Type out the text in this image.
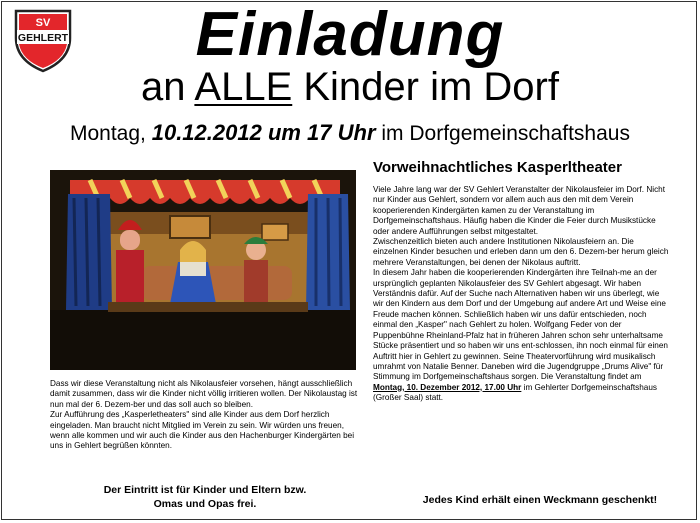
SV
GEHLERT	Einladung
an ALLE Kinder im Dorf
Montag, 10.12.2012 um 17 Uhr im Dorfgemeinschaftshaus

Dass wir diese Veranstaltung nicht als Nikolausfeier vorsehen, hängt ausschließlich damit zusammen, dass wir die Kinder nicht völlig irritieren wollen. Der Nikolaustag ist nun mal der 6. Dezem-ber und das soll auch so bleiben.

Zur Aufführung des „Kasperletheaters" sind alle Kinder aus dem Dorf herzlich eingeladen. Man braucht nicht Mitglied im Verein zu sein. Wir würden uns freuen, wenn alle kommen und wir auch die Kinder aus den Hachenburger Kindergärten bei uns in Gehlert begrüßen könnten.

Der Eintritt ist für Kinder und Eltern bzw.
Omas und Opas frei.
Vorweihnachtliches Kasperltheater

Viele Jahre lang war der SV Gehlert Veranstalter der Nikolausfeier im Dorf. Nicht nur Kinder aus Gehlert, sondern vor allem auch aus den mit dem Verein kooperierenden Kindergärten kamen zu der Veranstaltung im Dorfgemeinschaftshaus. Häufig haben die Kinder die Feier durch Musikstücke oder andere Aufführungen selbst mitgestaltet.

Zwischenzeitlich bieten auch andere Institutionen Nikolausfeiern an. Die einzelnen Kinder besuchen und erleben dann um den 6. Dezem-ber herum gleich mehrere Veranstaltungen, bei denen der Nikolaus auftritt.

In diesem Jahr haben die kooperierenden Kindergärten ihre Teilnah-me an der ursprünglich geplanten Nikolausfeier des SV Gehlert abgesagt. Wir haben Verständnis dafür. Auf der Suche nach Alternativen haben wir uns überlegt, wie wir den Kindern aus dem Dorf und der Umgebung auf andere Art und Weise eine Freude machen können. Schließlich haben wir uns dafür entschieden, noch einmal den „Kasper" nach Gehlert zu holen. Wolfgang Feder von der Puppenbühne Rheinland-Pfalz hat in früheren Jahren schon sehr unterhaltsame Stücke präsentiert und so haben wir uns ent-schlossen, ihn noch einmal für einen Auftritt hier in Gehlert zu gewinnen. Seine Theatervorführung wird musikalisch umrahmt von Natalie Benner. Daneben wird die Jugendgruppe „Drums Alive" für Stimmung im Dorfgemeinschaftshaus sorgen. Die Veranstaltung findet am Montag, 10. Dezember 2012, 17.00 Uhr im Gehlerter Dorfgemeinschaftshaus (Großer Saal) statt.

Jedes Kind erhält einen Weckmann geschenkt!
